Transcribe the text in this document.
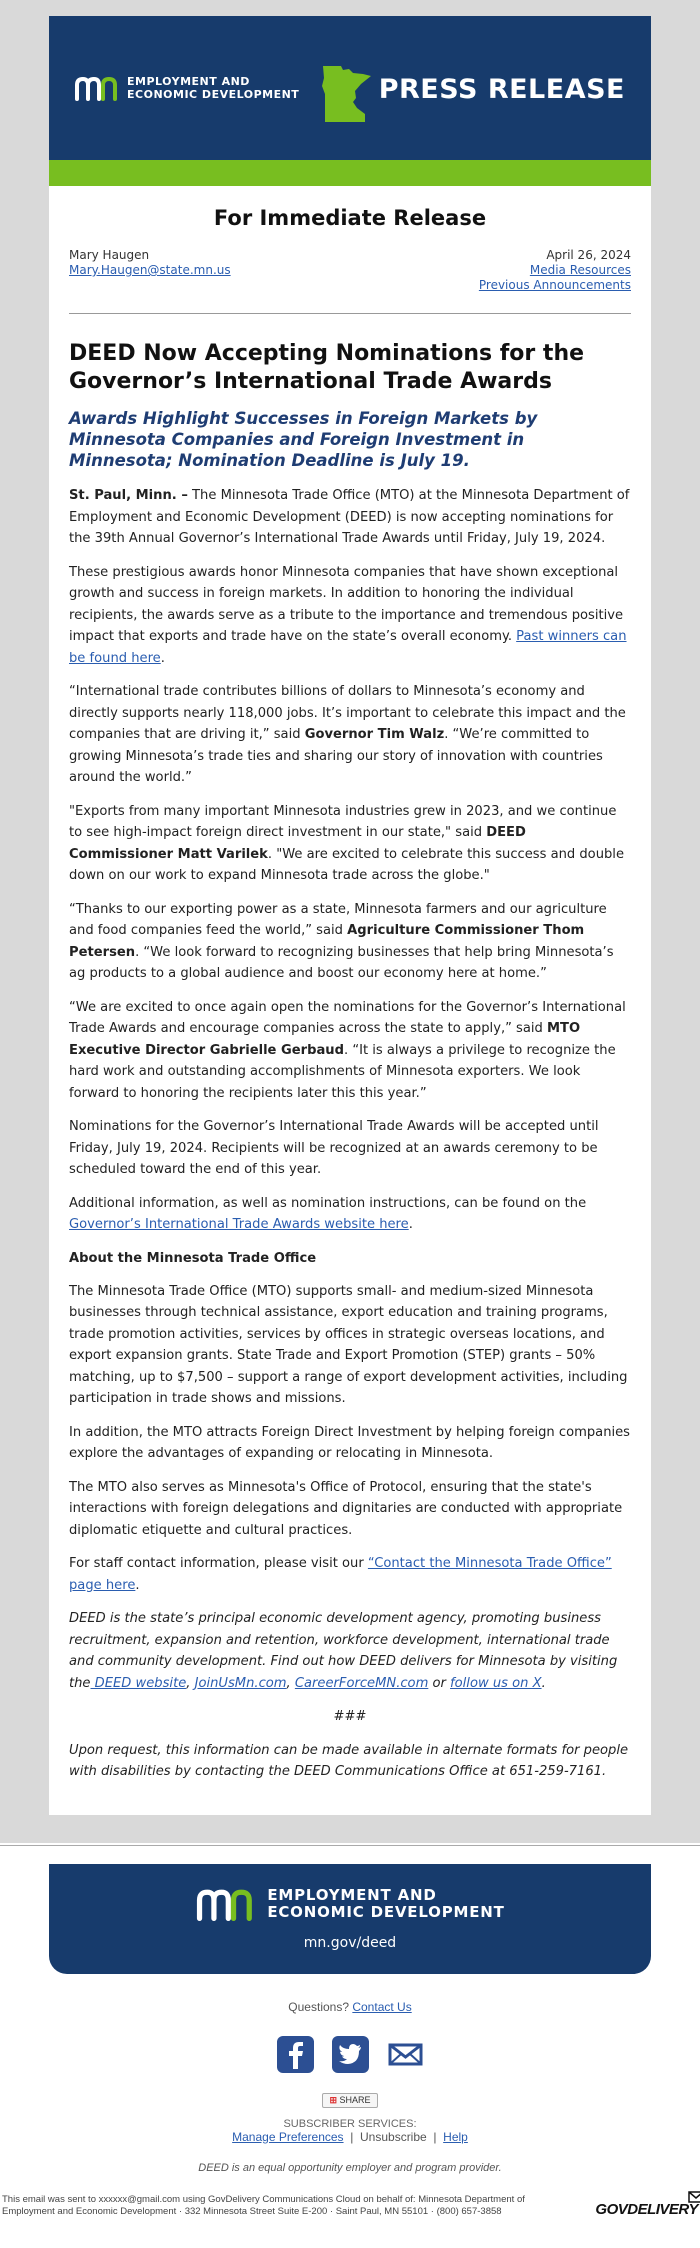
EMPLOYMENT AND
ECONOMIC DEVELOPMENT	PRESS RELEASE
For Immediate Release
Mary Haugen
Mary.Haugen@state.mn.us
April 26, 2024
Media Resources
Previous Announcements
DEED Now Accepting Nominations for the Governor’s International Trade Awards
Awards Highlight Successes in Foreign Markets by Minnesota Companies and Foreign Investment in Minnesota; Nomination Deadline is July 19.

St. Paul, Minn. – The Minnesota Trade Office (MTO) at the Minnesota Department of Employment and Economic Development (DEED) is now accepting nominations for the 39th Annual Governor’s International Trade Awards until Friday, July 19, 2024.

These prestigious awards honor Minnesota companies that have shown exceptional growth and success in foreign markets. In addition to honoring the individual recipients, the awards serve as a tribute to the importance and tremendous positive impact that exports and trade have on the state’s overall economy. Past winners can be found here.

“International trade contributes billions of dollars to Minnesota’s economy and directly supports nearly 118,000 jobs. It’s important to celebrate this impact and the companies that are driving it,” said Governor Tim Walz. “We’re committed to growing Minnesota’s trade ties and sharing our story of innovation with countries around the world.”

"Exports from many important Minnesota industries grew in 2023, and we continue to see high-impact foreign direct investment in our state," said DEED Commissioner Matt Varilek. "We are excited to celebrate this success and double down on our work to expand Minnesota trade across the globe."

“Thanks to our exporting power as a state, Minnesota farmers and our agriculture and food companies feed the world,” said Agriculture Commissioner Thom Petersen. “We look forward to recognizing businesses that help bring Minnesota’s ag products to a global audience and boost our economy here at home.”

“We are excited to once again open the nominations for the Governor’s International Trade Awards and encourage companies across the state to apply,” said MTO Executive Director Gabrielle Gerbaud. “It is always a privilege to recognize the hard work and outstanding accomplishments of Minnesota exporters. We look forward to honoring the recipients later this this year.”

Nominations for the Governor’s International Trade Awards will be accepted until Friday, July 19, 2024. Recipients will be recognized at an awards ceremony to be scheduled toward the end of this year.

Additional information, as well as nomination instructions, can be found on the Governor’s International Trade Awards website here.

About the Minnesota Trade Office

The Minnesota Trade Office (MTO) supports small- and medium-sized Minnesota businesses through technical assistance, export education and training programs, trade promotion activities, services by offices in strategic overseas locations, and export expansion grants. State Trade and Export Promotion (STEP) grants – 50% matching, up to $7,500 – support a range of export development activities, including participation in trade shows and missions.

In addition, the MTO attracts Foreign Direct Investment by helping foreign companies explore the advantages of expanding or relocating in Minnesota.

The MTO also serves as Minnesota's Office of Protocol, ensuring that the state's interactions with foreign delegations and dignitaries are conducted with appropriate diplomatic etiquette and cultural practices.

For staff contact information, please visit our “Contact the Minnesota Trade Office” page here.

DEED is the state’s principal economic development agency, promoting business recruitment, expansion and retention, workforce development, international trade and community development. Find out how DEED delivers for Minnesota by visiting the DEED website, JoinUsMn.com, CareerForceMN.com or follow us on X.

###

Upon request, this information can be made available in alternate formats for people with disabilities by contacting the DEED Communications Office at 651-259-7161.

EMPLOYMENT AND
ECONOMIC DEVELOPMENT
mn.gov/deed
Questions? Contact Us
⊞ SHARE
SUBSCRIBER SERVICES:
Manage Preferences  |  Unsubscribe  |  Help
DEED is an equal opportunity employer and program provider.
This email was sent to xxxxxx@gmail.com using GovDelivery Communications Cloud on behalf of: Minnesota Department of Employment and Economic Development · 332 Minnesota Street Suite E-200 · Saint Paul, MN 55101 · (800) 657-3858	GOVDELIVERY
